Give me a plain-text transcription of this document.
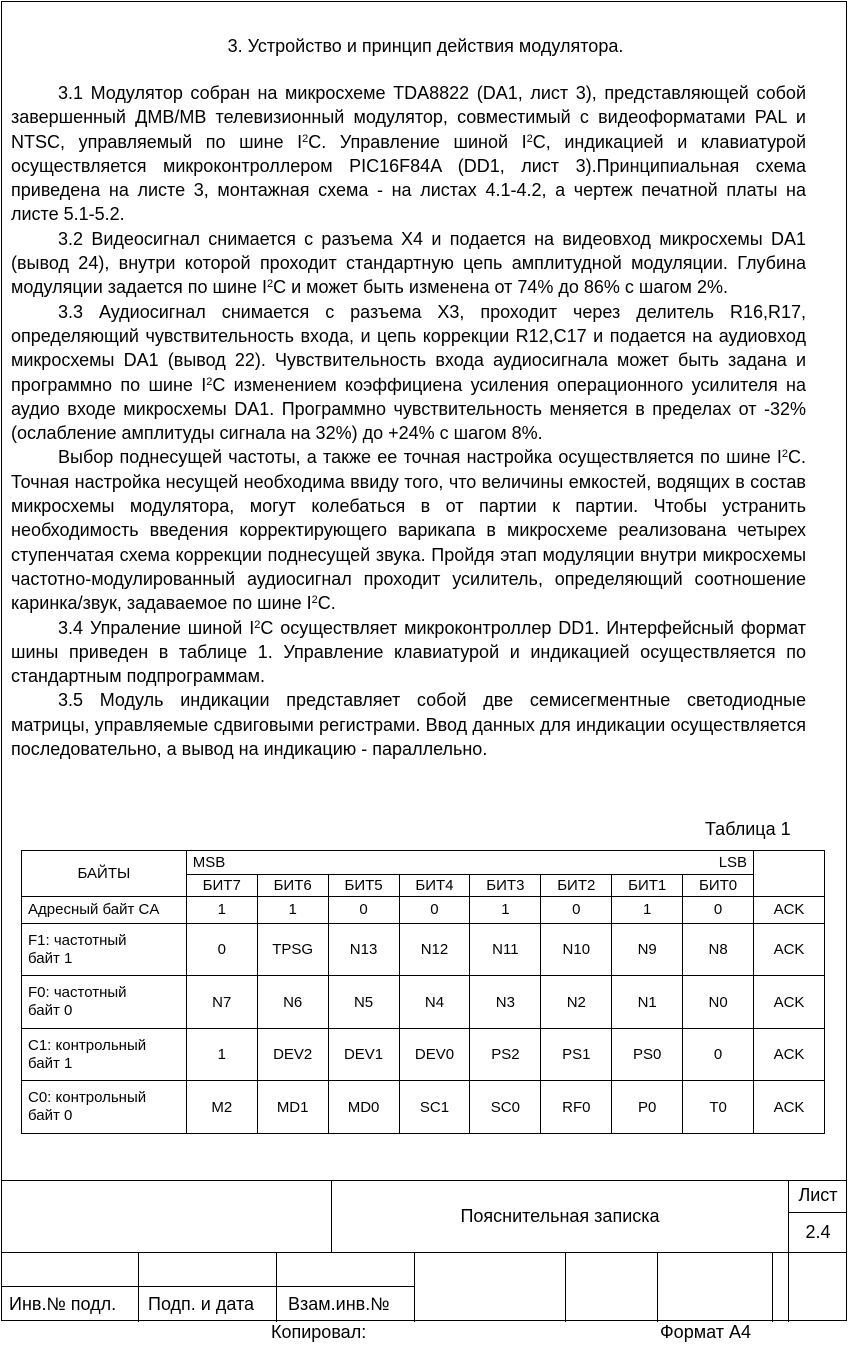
3. Устройство и принцип действия модулятора.

3.1 Модулятор собран на микросхеме TDA8822 (DA1, лист 3), представляющей собой завершенный ДМВ/МВ телевизионный модулятор, совместимый с видеоформатами PAL и NTSC, управляемый по шине $I^2C$. Управление шиной $I^2C$, индикацией и клавиатурой осуществляется микроконтроллером PIC16F84A (DD1, лист 3).Принципиальная схема приведена на листе 3, монтажная схема - на листах 4.1-4.2, а чертеж печатной платы на листе 5.1-5.2.

3.2 Видеосигнал снимается с разъема X4 и подается на видеовход микросхемы DA1 (вывод 24), внутри которой проходит стандартную цепь амплитудной модуляции. Глубина модуляции задается по шине $I^2C$ и может быть изменена от 74% до 86% с шагом 2%.

3.3 Аудиосигнал снимается с разъема X3, проходит через делитель R16,R17, определяющий чувствительность входа, и цепь коррекции R12,C17 и подается на аудиовход микросхемы DA1 (вывод 22). Чувствительность входа аудиосигнала может быть задана и программно по шине $I^2C$ изменением коэффициена усиления операционного усилителя на аудио входе микросхемы DA1. Программно чувствительность меняется в пределах от -32% (ослабление амплитуды сигнала на 32%) до +24% с шагом 8%.

Выбор поднесущей частоты, а также ее точная настройка осуществляется по шине $I^2C$. Точная настройка несущей необходима ввиду того, что величины емкостей, водящих в состав микросхемы модулятора, могут колебаться в от партии к партии. Чтобы устранить необходимость введения корректирующего варикапа в микросхеме реализована четырех ступенчатая схема коррекции поднесущей звука. Пройдя этап модуляции внутри микросхемы частотно-модулированный аудиосигнал проходит усилитель, определяющий соотношение каринка/звук, задаваемое по шине $I^2C$.

3.4 Упраление шиной $I^2C$ осуществляет микроконтроллер DD1. Интерфейсный формат шины приведен в таблице 1. Управление клавиатурой и индикацией осуществляется по стандартным подпрограммам.

3.5 Модуль индикации представляет собой две семисегментные светодиодные матрицы, управляемые сдвиговыми регистрами. Ввод данных для индикации осуществляется последовательно, а вывод на индикацию - параллельно.

Таблица 1
БАЙТЫ	MSB				LSB				
	БИТ7	БИТ6	БИТ5	БИТ4	БИТ3	БИТ2	БИТ1	БИТ0	
Адресный байт CA	1	1	0	0	1	0	1	0	ACK
F1: частотный
байт 1	0	TPSG	N13	N12	N11	N10	N9	N8	ACK
F0: частотный
байт 0	N7	N6	N5	N4	N3	N2	N1	N0	ACK
C1: контрольный
байт 1	1	DEV2	DEV1	DEV0	PS2	PS1	PS0	0	ACK
C0: контрольный
байт 0	M2	MD1	MD0	SC1	SC0	RF0	P0	T0	ACK
Пояснительная записка
Лист
2.4
Инв.№ подл. Подп. и дата Взам.инв.№
Копировал:	Формат А4
